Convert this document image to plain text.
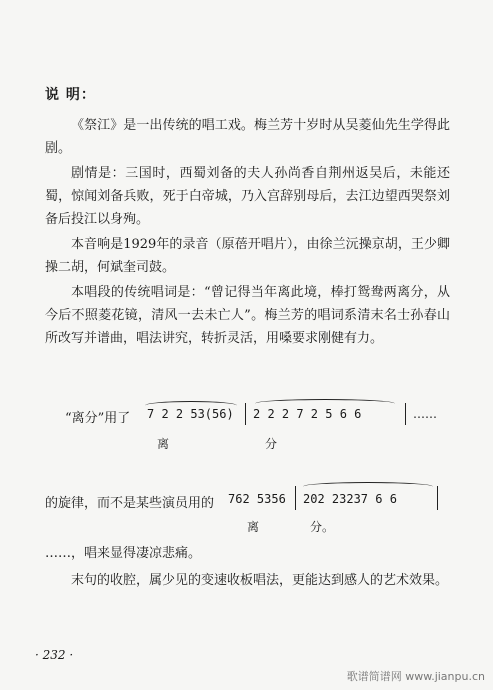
说 明：

《祭江》是一出传统的唱工戏。梅兰芳十岁时从吴菱仙先生学得此剧。

剧情是：三国时，西蜀刘备的夫人孙尚香自荆州返吴后，未能还蜀，惊闻刘备兵败，死于白帝城，乃入宫辞别母后，去江边望西哭祭刘备后投江以身殉。

本音响是1929年的录音（原蓓开唱片），由徐兰沅操京胡，王少卿操二胡，何斌奎司鼓。

本唱段的传统唱词是：“曾记得当年离此境，棒打鸳鸯两离分，从今后不照菱花镜，清风一去未亡人”。梅兰芳的唱词系清末名士孙春山所改写并谱曲，唱法讲究，转折灵活，用嗓要求刚健有力。

“离分”用了 7 2 2 53(56) 2 2 2 7 2 5 6 6	……
离	分
的旋律，而不是某些演员用的 762 5356 202 23237 6 6
离	分。

……，唱来显得凄凉悲痛。

末句的收腔，属少见的变速收板唱法，更能达到感人的艺术效果。

· 232 ·
歌谱简谱网 www.jianpu.cn
